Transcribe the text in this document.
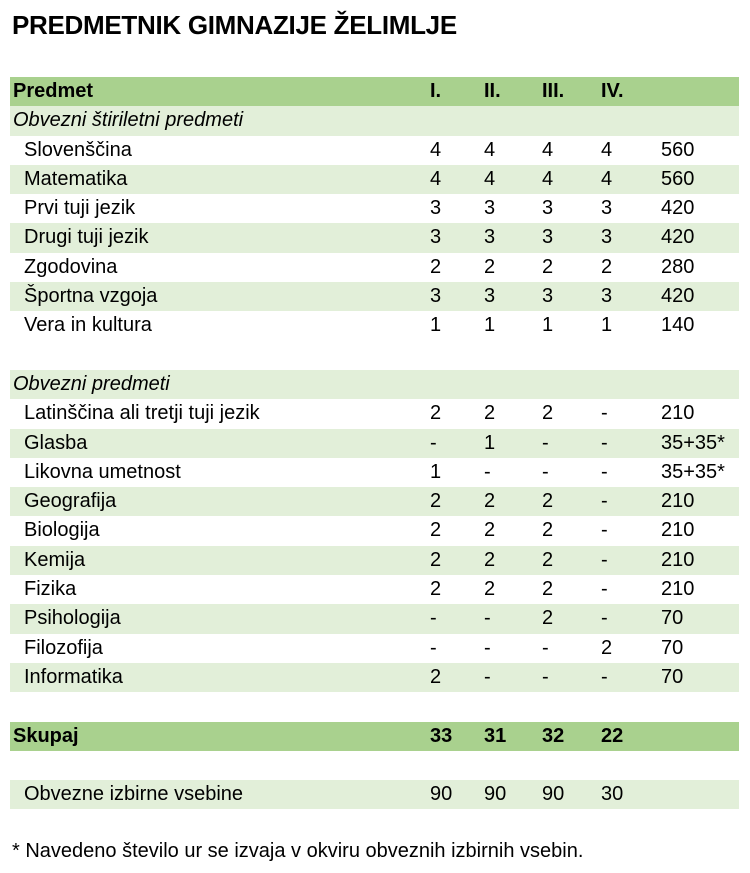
PREDMETNIK GIMNAZIJE ŽELIMLJE
Predmet	I. II. III. IV.
Obvezni štiriletni predmeti
Slovenščina	4 4 4 4 560
Matematika	4 4 4 4 560
Prvi tuji jezik	3 3 3 3 420
Drugi tuji jezik	3 3 3 3 420
Zgodovina	2 2 2 2 280
Športna vzgoja	3 3 3 3 420
Vera in kultura	1 1 1 1 140
Obvezni predmeti
Latinščina ali tretji tuji jezik	2 2 2 -	210
Glasba	- 1 -	-	35+35*
Likovna umetnost	1 -	-	-	35+35*
Geografija	2 2 2 -	210
Biologija	2 2 2 -	210
Kemija	2 2 2 -	210
Fizika	2 2 2 -	210
Psihologija	- -	2 -	70
Filozofija	- -	-	2 70
Informatika	2 -	-	-	70
Skupaj	33 31 32 22
Obvezne izbirne vsebine	90 90 90 30
* Navedeno število ur se izvaja v okviru obveznih izbirnih vsebin.
